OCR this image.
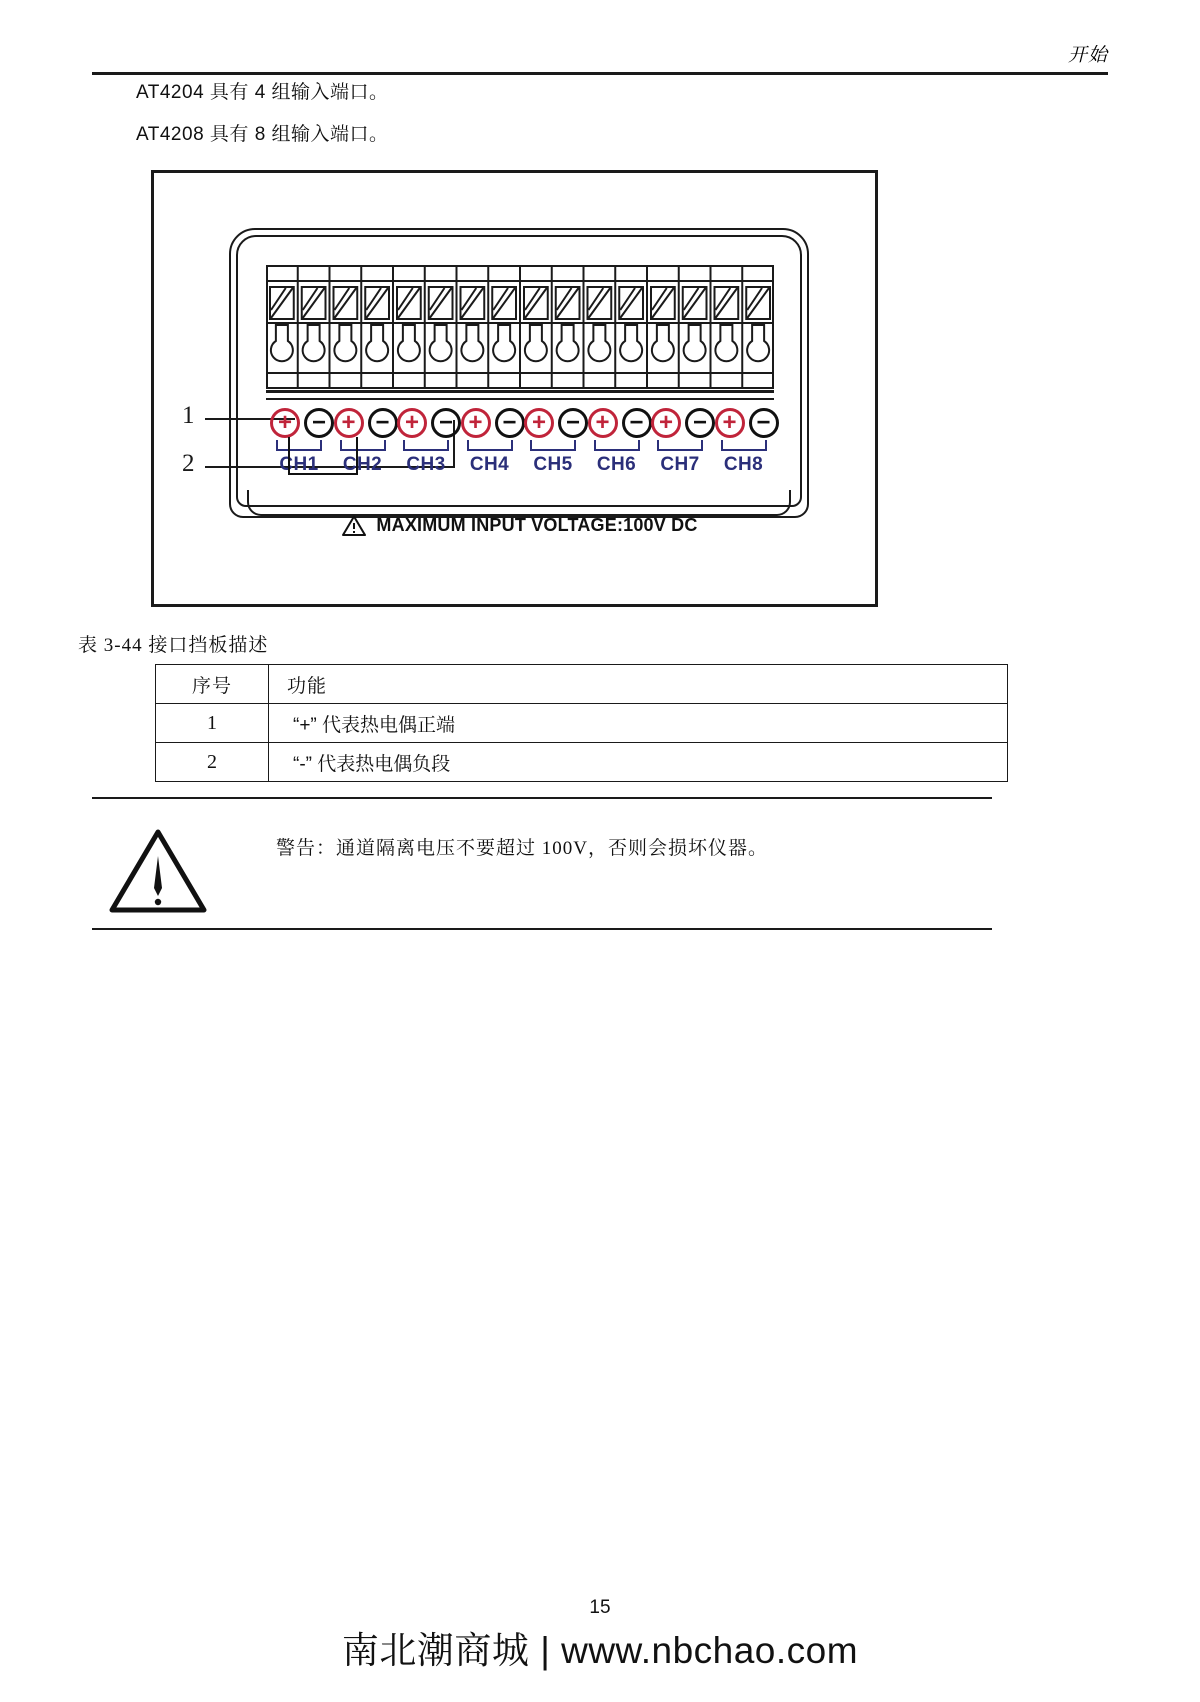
开始

AT4204 具有 4 组输入端口。

AT4208 具有 8 组输入端口。

1
2
+ − + − + − + − + − + − + − + −
CH1	CH2	CH3	CH4	CH5	CH6	CH7	CH8
MAXIMUM INPUT VOLTAGE:100V DC
表 3-44 接口挡板描述
序号	功能
1	“+” 代表热电偶正端
2	“-” 代表热电偶负段
警告：通道隔离电压不要超过 100V，否则会损坏仪器。
15
南北潮商城 | www.nbchao.com
